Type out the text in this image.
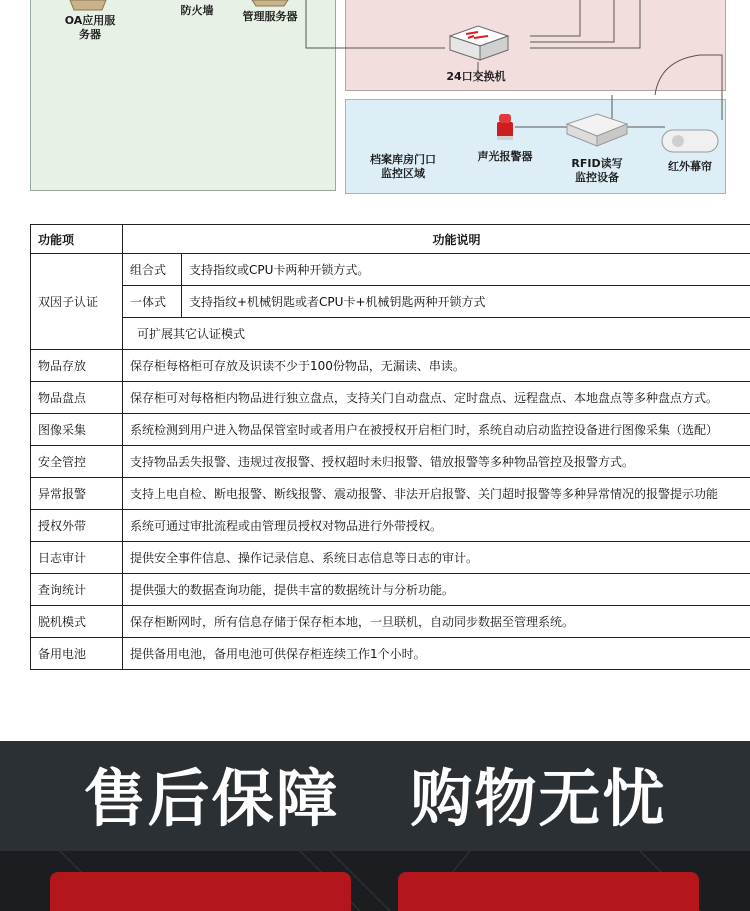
OA应用服
务器
防火墙	管理服务器
24口交换机
档案库房门口
监控区域
声光报警器
RFID读写
监控设备
红外幕帘
功能项	功能说明
双因子认证	
组合式	支持指纹或CPU卡两种开锁方式。
一体式	支持指纹+机械钥匙或者CPU卡+机械钥匙两种开锁方式
可扩展其它认证模式

物品存放	保存柜每格柜可存放及识读不少于100份物品，无漏读、串读。
物品盘点	保存柜可对每格柜内物品进行独立盘点，支持关门自动盘点、定时盘点、远程盘点、本地盘点等多种盘点方式。
图像采集	系统检测到用户进入物品保管室时或者用户在被授权开启柜门时，系统自动启动监控设备进行图像采集（选配）
安全管控	支持物品丢失报警、违规过夜报警、授权超时未归报警、错放报警等多种物品管控及报警方式。
异常报警	支持上电自检、断电报警、断线报警、震动报警、非法开启报警、关门超时报警等多种异常情况的报警提示功能
授权外带	系统可通过审批流程或由管理员授权对物品进行外带授权。
日志审计	提供安全事件信息、操作记录信息、系统日志信息等日志的审计。
查询统计	提供强大的数据查询功能，提供丰富的数据统计与分析功能。
脱机模式	保存柜断网时，所有信息存储于保存柜本地，一旦联机，自动同步数据至管理系统。
备用电池	提供备用电池，备用电池可供保存柜连续工作1个小时。
售后保障   购物无忧
